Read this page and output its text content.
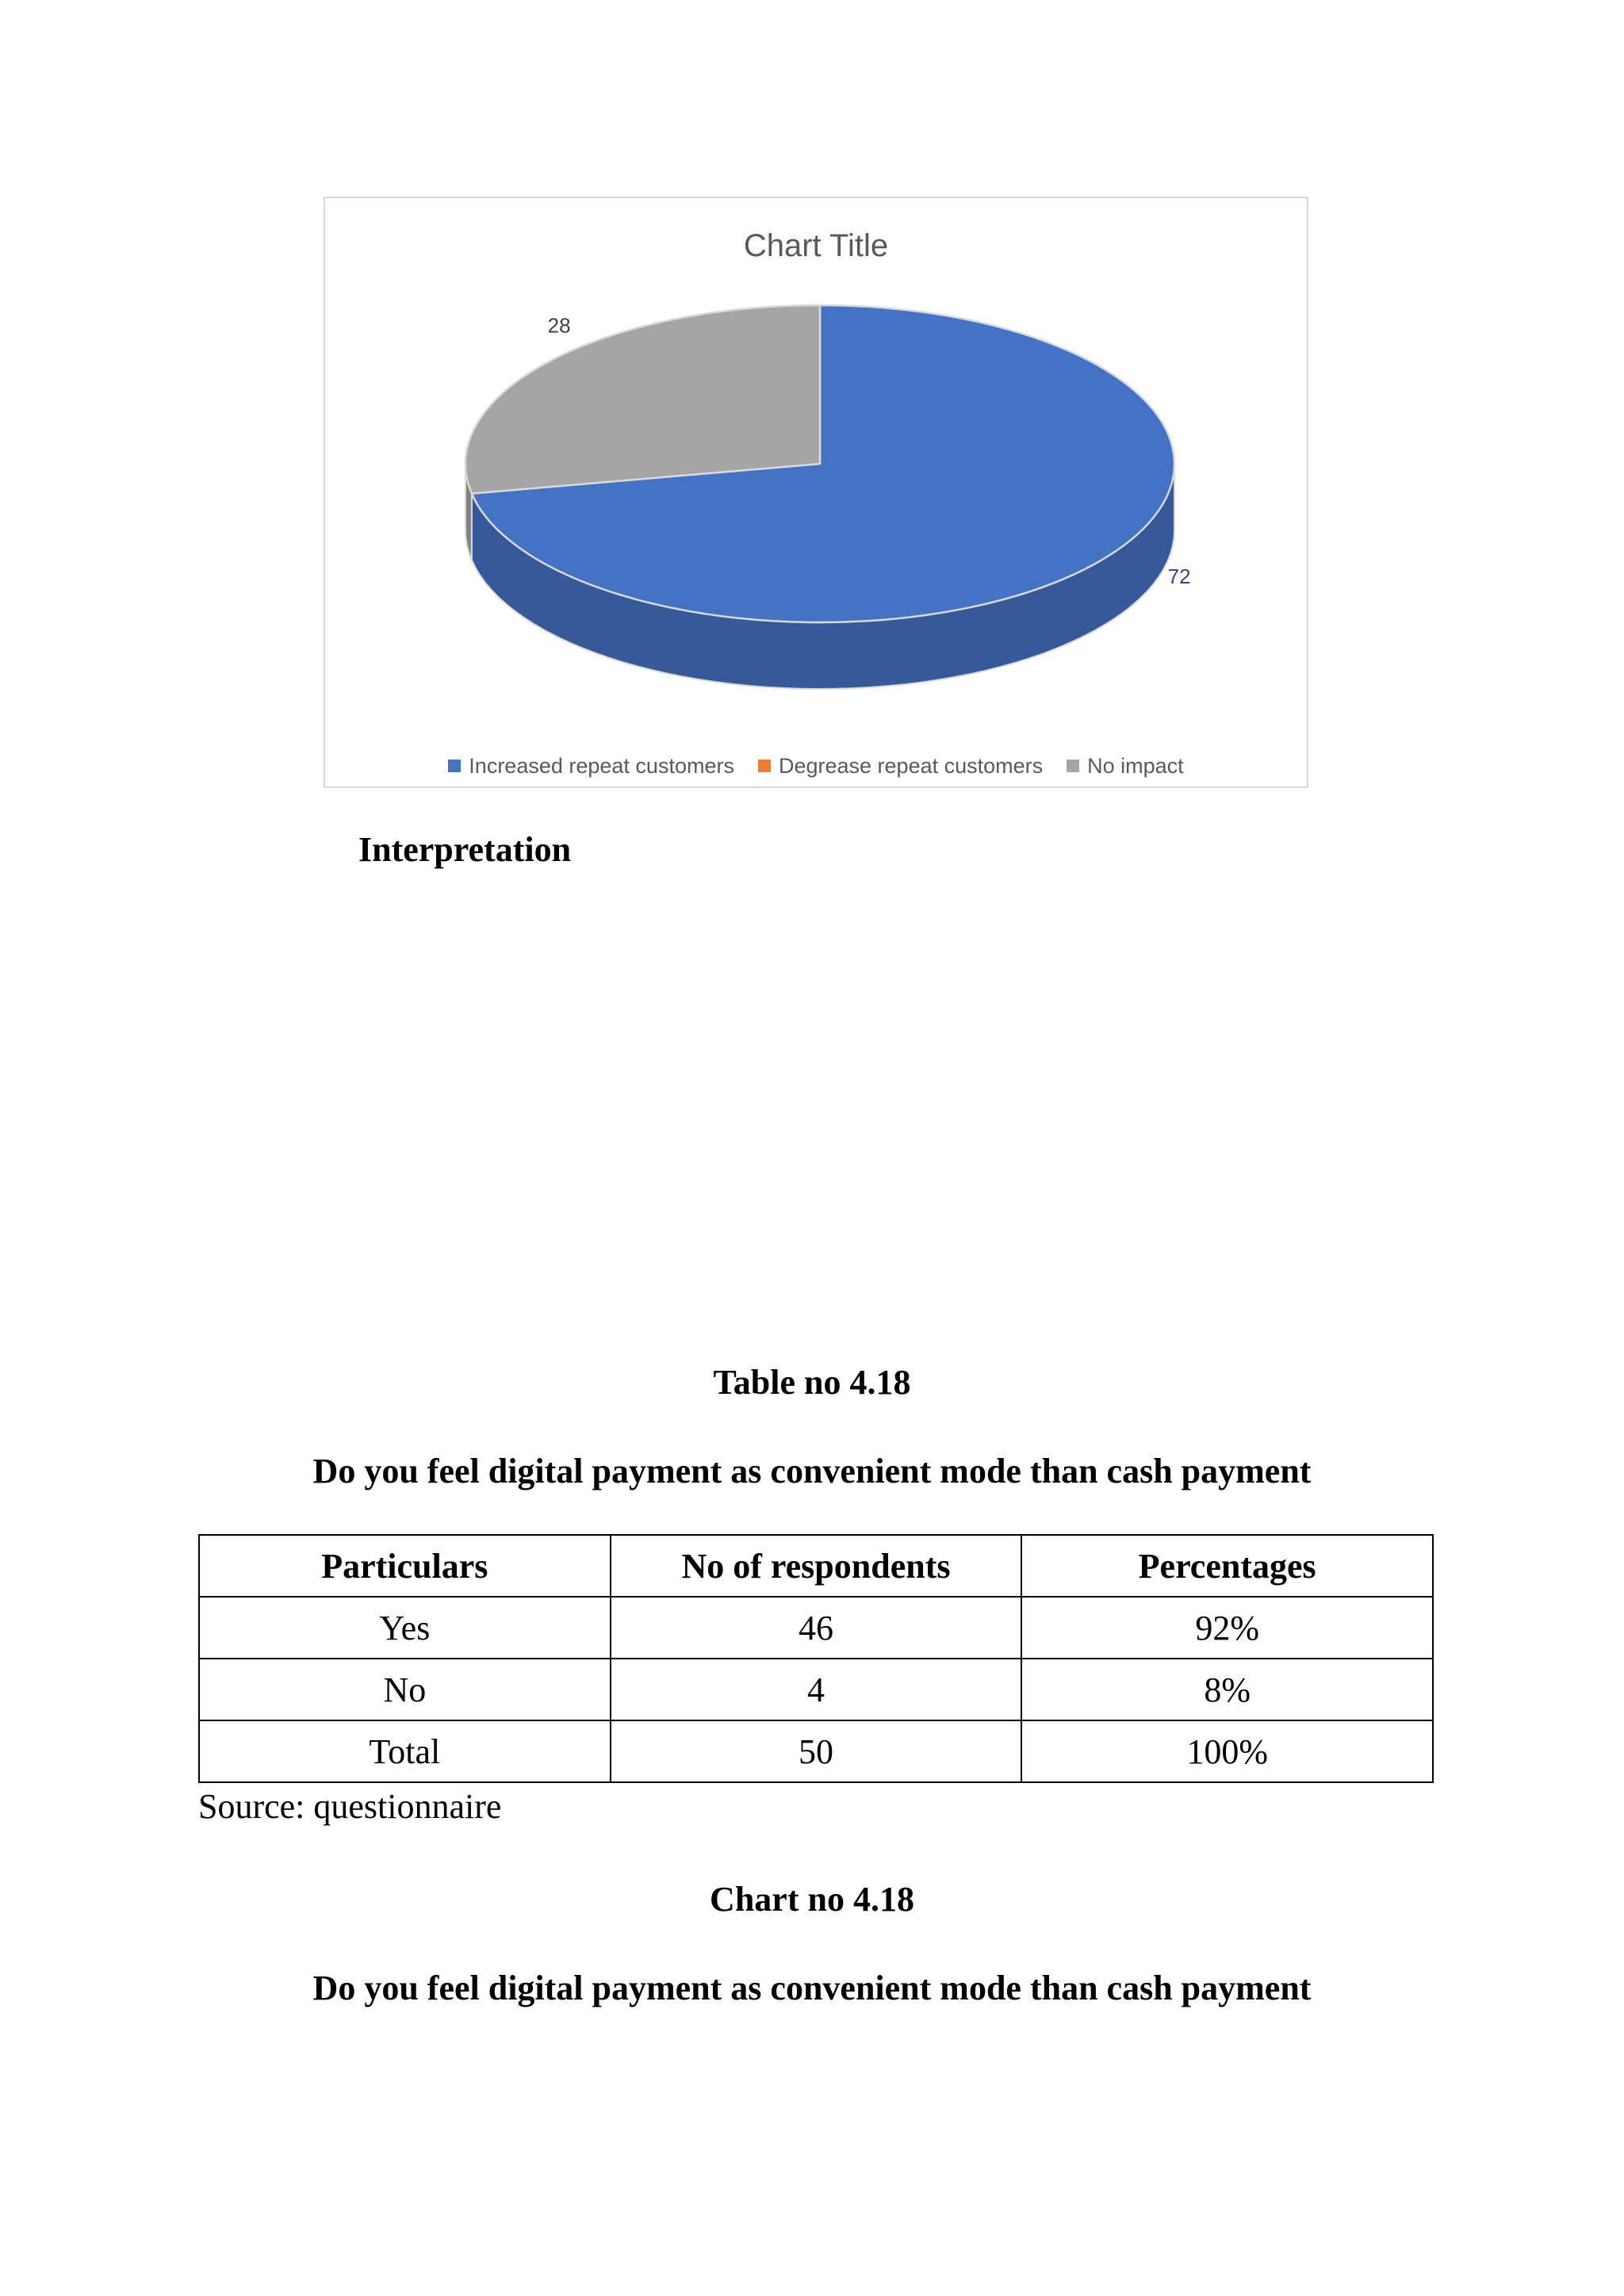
72
28
Chart Title
Increased repeat customers Degrease repeat customers No impact
Interpretation
Table no 4.18
Do you feel digital payment as convenient mode than cash payment
Particulars	No of respondents	Percentages
Yes	46	92%
No	4	8%
Total	50	100%
Source: questionnaire
Chart no 4.18
Do you feel digital payment as convenient mode than cash payment
